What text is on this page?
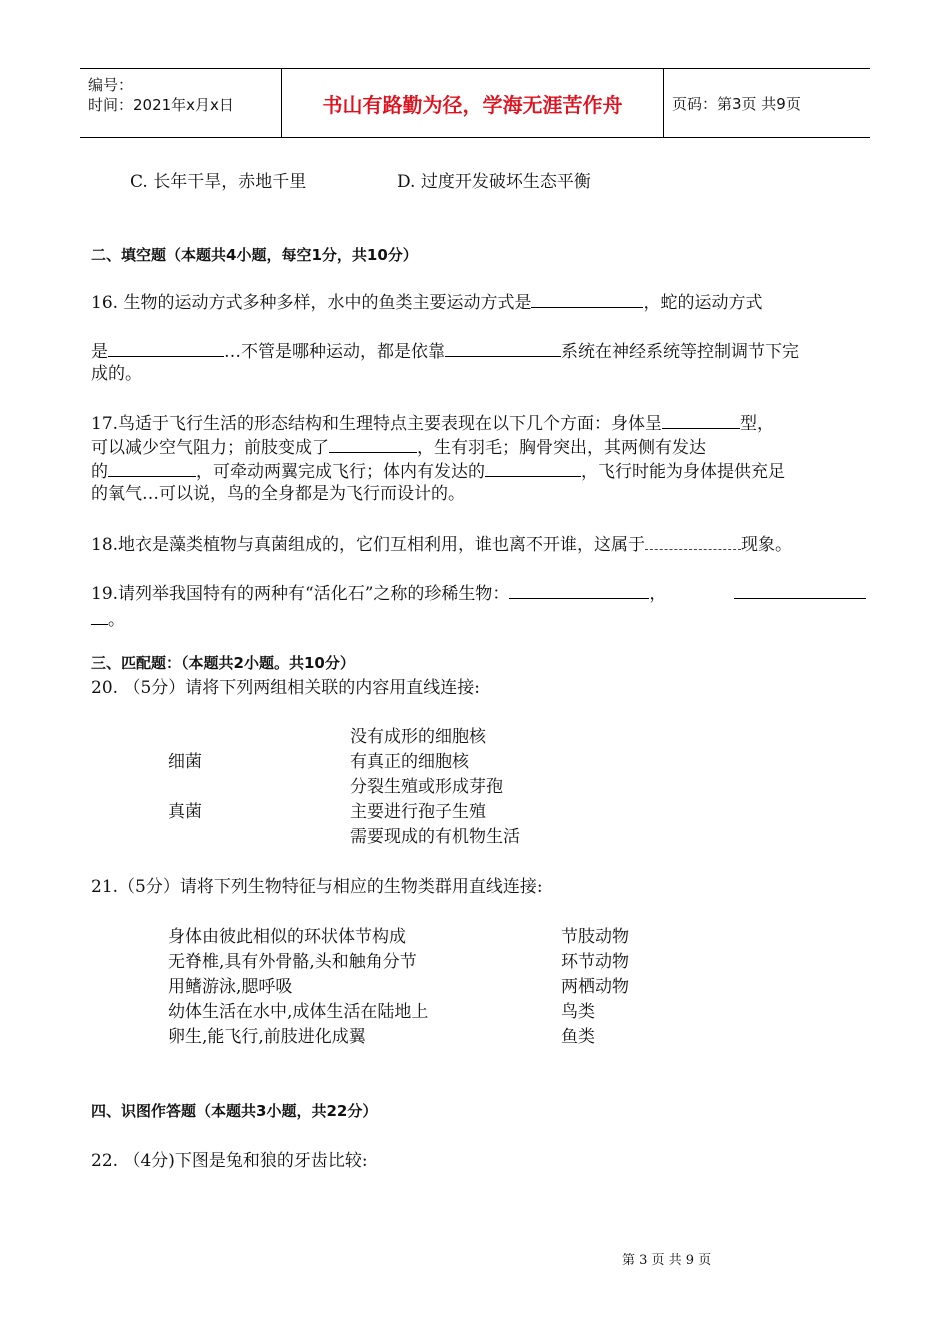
编号：
时间：2021年x月x日	书山有路勤为径，学海无涯苦作舟	页码：第3页 共9页
C. 长年干旱，赤地千里	D. 过度开发破坏生态平衡
二、填空题（本题共4小题，每空1分，共10分）
16. 生物的运动方式多种多样，水中的鱼类主要运动方式是	，蛇的运动方式
是	…不管是哪种运动，都是依靠	系统在神经系统等控制调节下完
成的。
17.鸟适于飞行生活的形态结构和生理特点主要表现在以下几个方面：身体呈	型，
可以减少空气阻力；前肢变成了	，生有羽毛；胸骨突出，其两侧有发达
的	，可牵动两翼完成飞行；体内有发达的	，飞行时能为身体提供充足
的氧气…可以说，鸟的全身都是为飞行而设计的。
18.地衣是藻类植物与真菌组成的，它们互相利用，谁也离不开谁，这属于	现象。
19.请列举我国特有的两种有“活化石”之称的珍稀生物：	，
。
三、匹配题：（本题共2小题。共10分）
20. （5分）请将下列两组相关联的内容用直线连接:
细菌
真菌
没有成形的细胞核
有真正的细胞核
分裂生殖或形成芽孢
主要进行孢子生殖
需要现成的有机物生活
21.（5分）请将下列生物特征与相应的生物类群用直线连接:
身体由彼此相似的环状体节构成
无脊椎,具有外骨骼,头和触角分节
用鳍游泳,腮呼吸
幼体生活在水中,成体生活在陆地上
卵生,能飞行,前肢进化成翼
节肢动物
环节动物
两栖动物
鸟类
鱼类
四、识图作答题（本题共3小题，共22分）
22. （4分)下图是兔和狼的牙齿比较:
第 3 页 共 9 页
